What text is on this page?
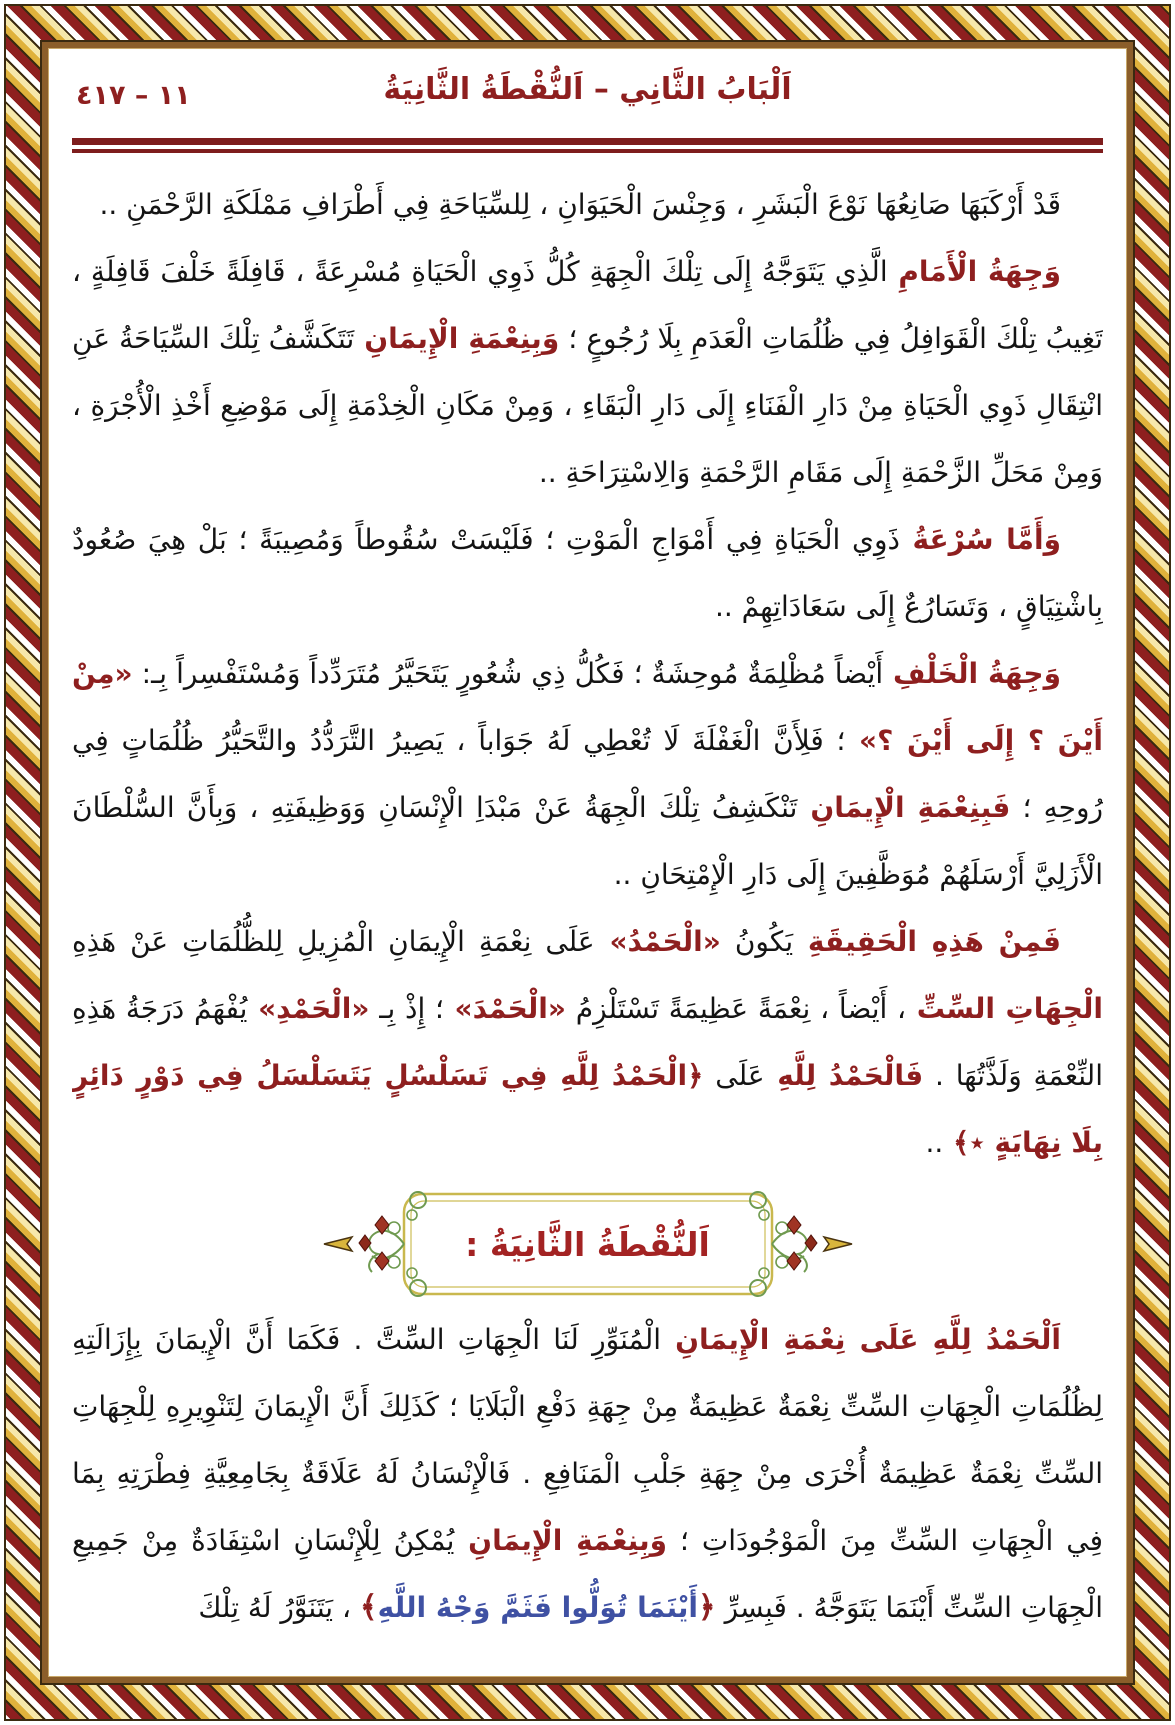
١١ – ٤١٧	اَلْبَابُ الثَّانِي – اَلنُّقْطَةُ الثَّانِيَةُ

قَدْ أَرْكَبَهَا صَانِعُهَا نَوْعَ الْبَشَرِ ، وَجِنْسَ الْحَيَوَانِ ، لِلسِّيَاحَةِ فِي أَطْرَافِ مَمْلَكَةِ الرَّحْمَنِ ..

وَجِهَةُ الْأَمَامِ الَّذِي يَتَوَجَّهُ إِلَى تِلْكَ الْجِهَةِ كُلُّ ذَوِي الْحَيَاةِ مُسْرِعَةً ، قَافِلَةً خَلْفَ قَافِلَةٍ ، تَغِيبُ تِلْكَ الْقَوَافِلُ فِي ظُلُمَاتِ الْعَدَمِ بِلَا رُجُوعٍ ؛ وَبِنِعْمَةِ الْإِيمَانِ تَتَكَشَّفُ تِلْكَ السِّيَاحَةُ عَنِ انْتِقَالِ ذَوِي الْحَيَاةِ مِنْ دَارِ الْفَنَاءِ إِلَى دَارِ الْبَقَاءِ ، وَمِنْ مَكَانِ الْخِدْمَةِ إِلَى مَوْضِعِ أَخْذِ الْأُجْرَةِ ، وَمِنْ مَحَلِّ الزَّحْمَةِ إِلَى مَقَامِ الرَّحْمَةِ وَالِاسْتِرَاحَةِ ..

وَأَمَّا سُرْعَةُ ذَوِي الْحَيَاةِ فِي أَمْوَاجِ الْمَوْتِ ؛ فَلَيْسَتْ سُقُوطاً وَمُصِيبَةً ؛ بَلْ هِيَ صُعُودٌ بِاشْتِيَاقٍ ، وَتَسَارُعٌ إِلَى سَعَادَاتِهِمْ ..

وَجِهَةُ الْخَلْفِ أَيْضاً مُظْلِمَةٌ مُوحِشَةٌ ؛ فَكُلُّ ذِي شُعُورٍ يَتَحَيَّرُ مُتَرَدِّداً وَمُسْتَفْسِراً بِـ: «مِنْ أَيْنَ ؟ إِلَى أَيْنَ ؟» ؛ فَلِأَنَّ الْغَفْلَةَ لَا تُعْطِي لَهُ جَوَاباً ، يَصِيرُ التَّرَدُّدُ والتَّحَيُّرُ ظُلُمَاتٍ فِي رُوحِهِ ؛ فَبِنِعْمَةِ الْإِيمَانِ تَنْكَشِفُ تِلْكَ الْجِهَةُ عَنْ مَبْدَاِ الْإِنْسَانِ وَوَظِيفَتِهِ ، وَبِأَنَّ السُّلْطَانَ الْأَزَلِيَّ أَرْسَلَهُمْ مُوَظَّفِينَ إِلَى دَارِ الْإِمْتِحَانِ ..

فَمِنْ هَذِهِ الْحَقِيقَةِ يَكُونُ «الْحَمْدُ» عَلَى نِعْمَةِ الْإِيمَانِ الْمُزِيلِ لِلظُّلُمَاتِ عَنْ هَذِهِ الْجِهَاتِ السِّتِّ ، أَيْضاً ، نِعْمَةً عَظِيمَةً تَسْتَلْزِمُ «الْحَمْدَ» ؛ إِذْ بِـ «الْحَمْدِ» يُفْهَمُ دَرَجَةُ هَذِهِ النِّعْمَةِ وَلَذَّتُهَا . فَالْحَمْدُ لِلَّهِ عَلَى ﴿الْحَمْدُ لِلَّهِ فِي تَسَلْسُلٍ يَتَسَلْسَلُ فِي دَوْرٍ دَائِرٍ بِلَا نِهَايَةٍ ٭﴾ ..

اَلنُّقْطَةُ الثَّانِيَةُ :

اَلْحَمْدُ لِلَّهِ عَلَى نِعْمَةِ الْإِيمَانِ الْمُنَوِّرِ لَنَا الْجِهَاتِ السِّتَّ . فَكَمَا أَنَّ الْإِيمَانَ بِإِزَالَتِهِ لِظُلُمَاتِ الْجِهَاتِ السِّتِّ نِعْمَةٌ عَظِيمَةٌ مِنْ جِهَةِ دَفْعِ الْبَلَايَا ؛ كَذَلِكَ أَنَّ الْإِيمَانَ لِتَنْوِيرِهِ لِلْجِهَاتِ السِّتِّ نِعْمَةٌ عَظِيمَةٌ أُخْرَى مِنْ جِهَةِ جَلْبِ الْمَنَافِعِ . فَالْإِنْسَانُ لَهُ عَلَاقَةٌ بِجَامِعِيَّةِ فِطْرَتِهِ بِمَا فِي الْجِهَاتِ السِّتِّ مِنَ الْمَوْجُودَاتِ ؛ وَبِنِعْمَةِ الْإِيمَانِ يُمْكِنُ لِلْإِنْسَانِ اسْتِفَادَةٌ مِنْ جَمِيعِ الْجِهَاتِ السِّتِّ أَيْنَمَا يَتَوَجَّهُ . فَبِسِرِّ ﴿أَيْنَمَا تُوَلُّوا فَثَمَّ وَجْهُ اللَّهِ﴾ ، يَتَنَوَّرُ لَهُ تِلْكَ
